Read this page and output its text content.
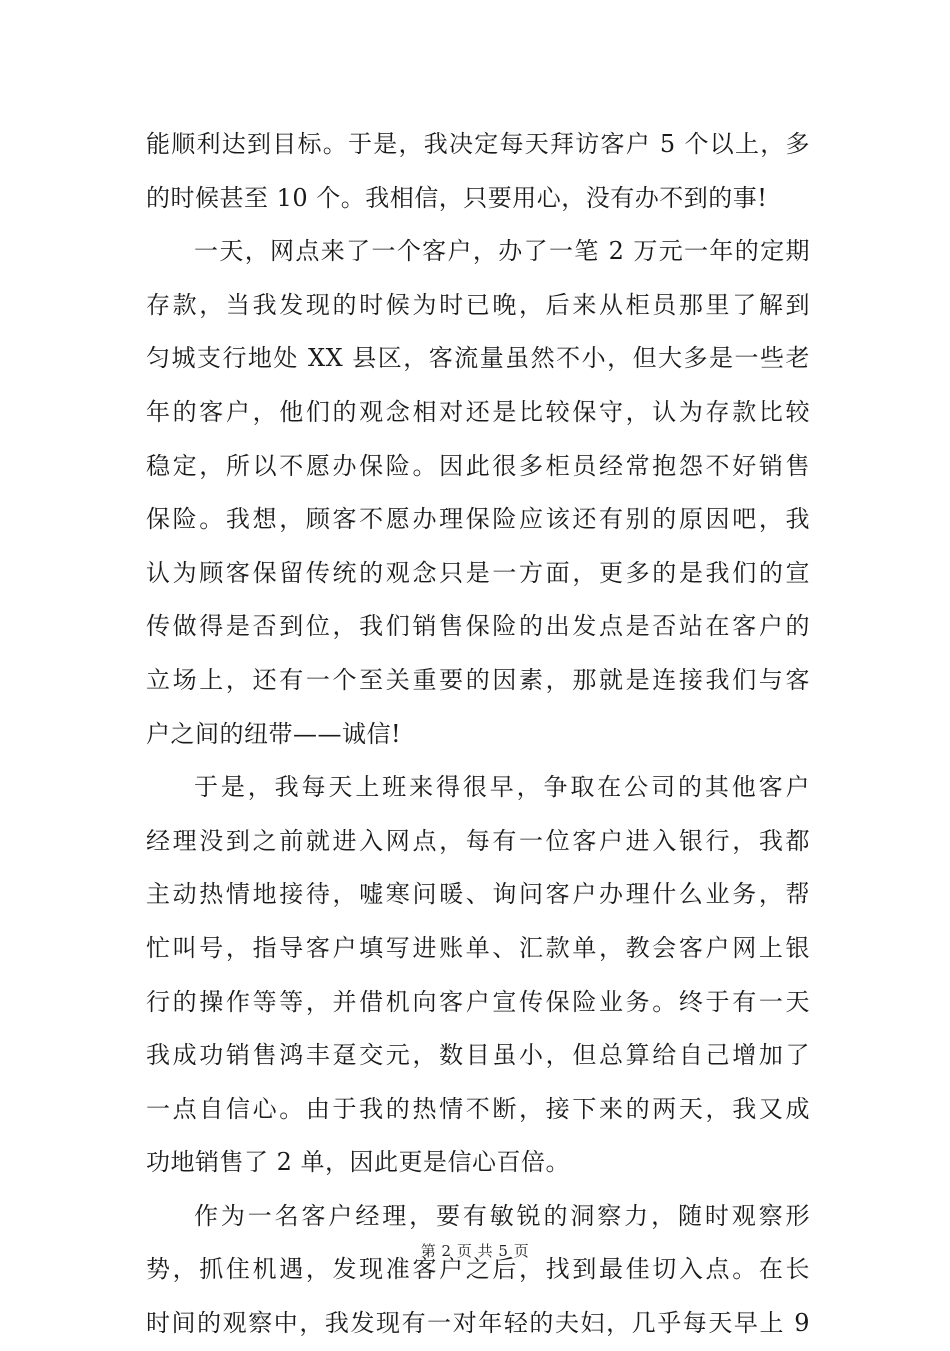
能顺利达到目标。于是，我决定每天拜访客户 5 个以上，多
的时候甚至 10 个。我相信，只要用心，没有办不到的事!
一天，网点来了一个客户，办了一笔 2 万元一年的定期
存款，当我发现的时候为时已晚，后来从柜员那里了解到
匀城支行地处 XX 县区，客流量虽然不小，但大多是一些老
年的客户，他们的观念相对还是比较保守，认为存款比较
稳定，所以不愿办保险。因此很多柜员经常抱怨不好销售
保险。我想，顾客不愿办理保险应该还有别的原因吧，我
认为顾客保留传统的观念只是一方面，更多的是我们的宣
传做得是否到位，我们销售保险的出发点是否站在客户的
立场上，还有一个至关重要的因素，那就是连接我们与客
户之间的纽带——诚信!
于是，我每天上班来得很早，争取在公司的其他客户
经理没到之前就进入网点，每有一位客户进入银行，我都
主动热情地接待，嘘寒问暖、询问客户办理什么业务，帮
忙叫号，指导客户填写进账单、汇款单，教会客户网上银
行的操作等等，并借机向客户宣传保险业务。终于有一天
我成功销售鸿丰趸交元，数目虽小，但总算给自己增加了
一点自信心。由于我的热情不断，接下来的两天，我又成
功地销售了 2 单，因此更是信心百倍。
作为一名客户经理，要有敏锐的洞察力，随时观察形
势，抓住机遇，发现准客户之后，找到最佳切入点。在长
时间的观察中，我发现有一对年轻的夫妇，几乎每天早上 9
第 2 页 共 5 页
